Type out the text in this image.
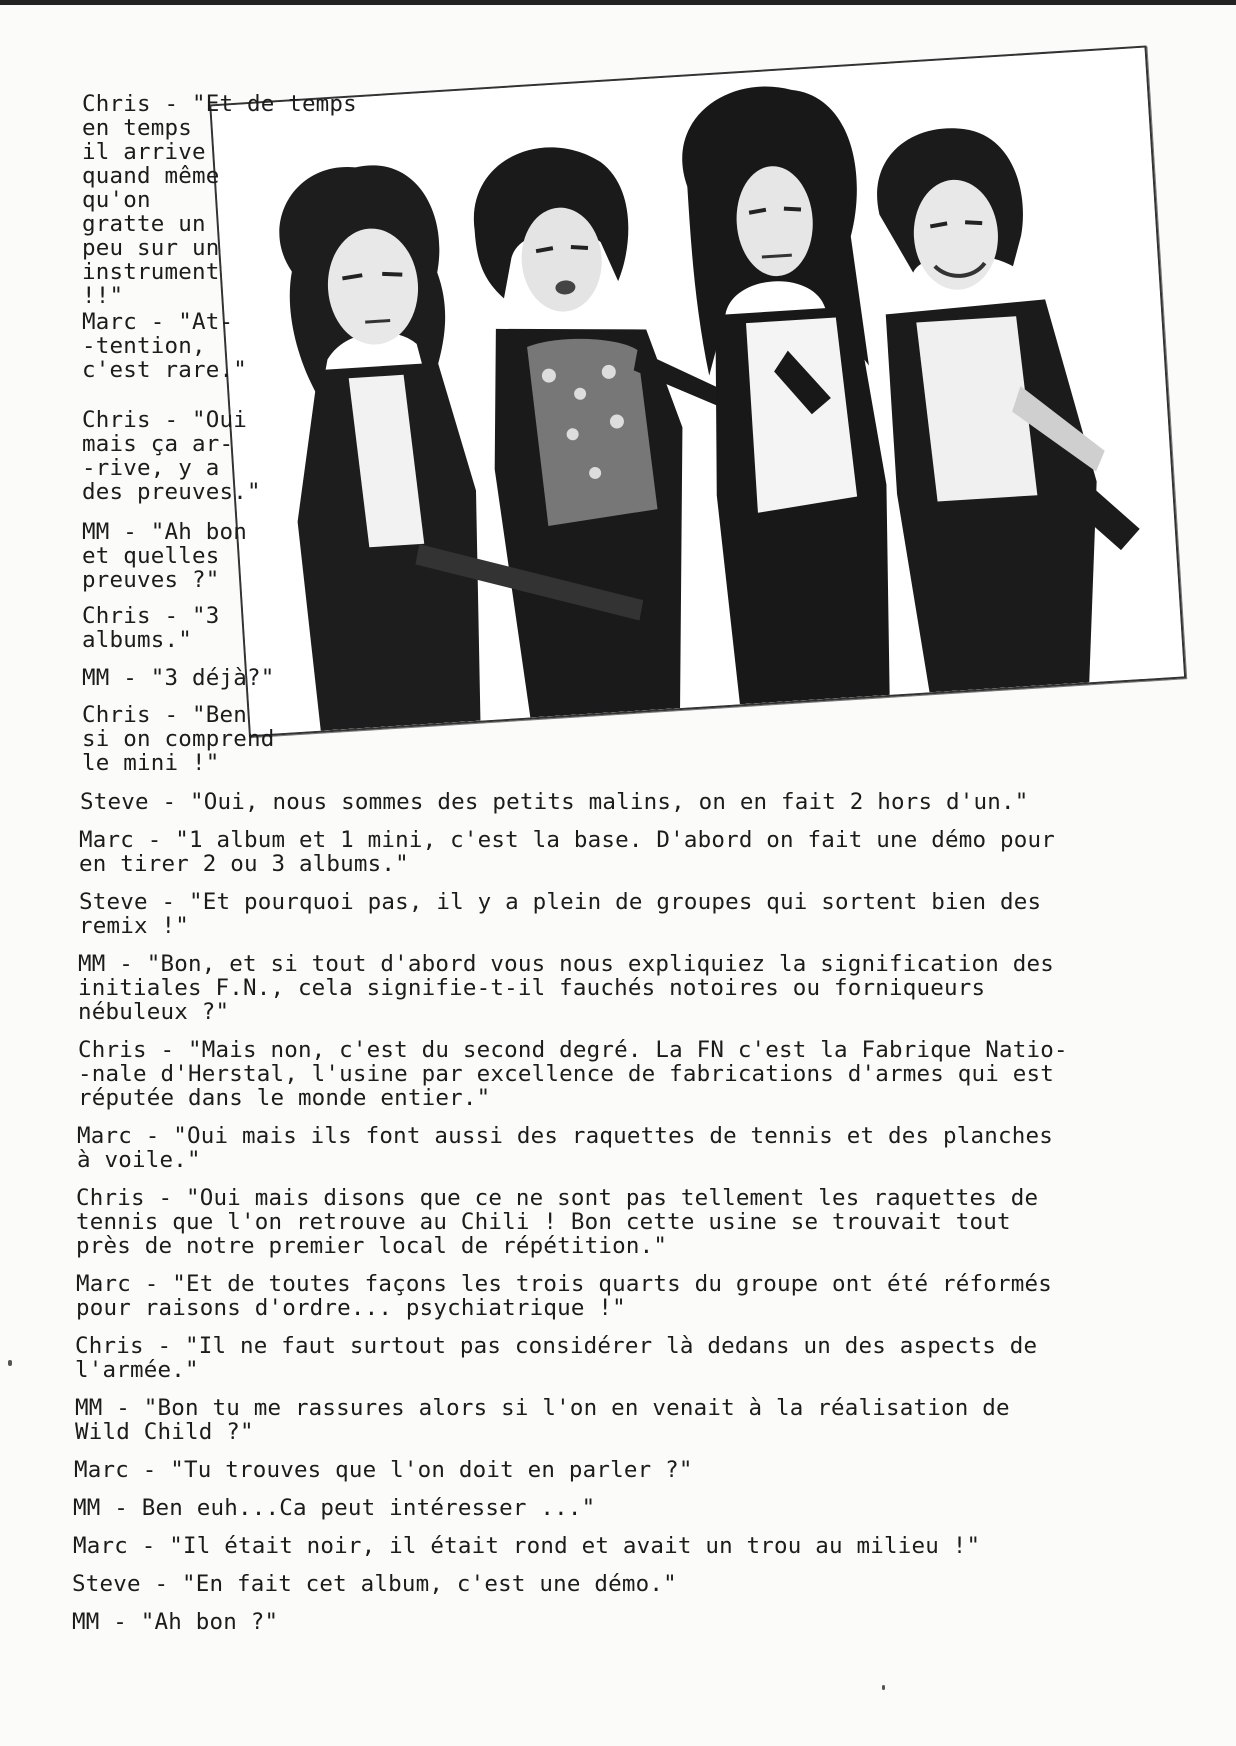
Chris - "Et de temps
en temps
il arrive
quand même
qu'on
gratte un
peu sur un
instrument
!!"
Marc - "At-
-tention,
c'est rare."
Chris - "Oui
mais ça ar-
-rive, y a
des preuves."
MM - "Ah bon
et quelles
preuves ?"
Chris - "3
albums."
MM - "3 déjà?"
Chris - "Ben
si on comprend
le mini !"
Steve - "Oui, nous sommes des petits malins, on en fait 2 hors d'un."
Marc - "1 album et 1 mini, c'est la base. D'abord on fait une démo pour
en tirer 2 ou 3 albums."
Steve - "Et pourquoi pas, il y a plein de groupes qui sortent bien des
remix !"
MM - "Bon, et si tout d'abord vous nous expliquiez la signification des
initiales F.N., cela signifie-t-il fauchés notoires ou forniqueurs
nébuleux ?"
Chris - "Mais non, c'est du second degré. La FN c'est la Fabrique Natio-
-nale d'Herstal, l'usine par excellence de fabrications d'armes qui est
réputée dans le monde entier."
Marc - "Oui mais ils font aussi des raquettes de tennis et des planches
à voile."
Chris - "Oui mais disons que ce ne sont pas tellement les raquettes de
tennis que l'on retrouve au Chili ! Bon cette usine se trouvait tout
près de notre premier local de répétition."
Marc - "Et de toutes façons les trois quarts du groupe ont été réformés
pour raisons d'ordre... psychiatrique !"
Chris - "Il ne faut surtout pas considérer là dedans un des aspects de
l'armée."
MM - "Bon tu me rassures alors si l'on en venait à la réalisation de
Wild Child ?"
Marc - "Tu trouves que l'on doit en parler ?"
MM - Ben euh...Ca peut intéresser ..."
Marc - "Il était noir, il était rond et avait un trou au milieu !"
Steve - "En fait cet album, c'est une démo."
MM - "Ah bon ?"
